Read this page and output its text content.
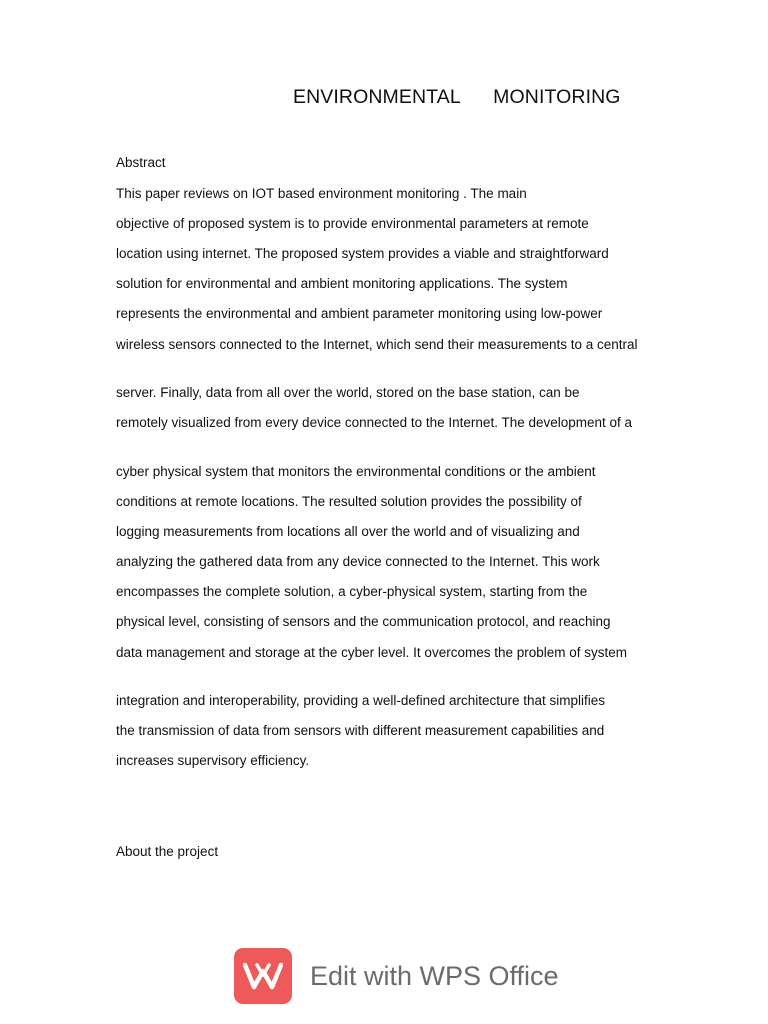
ENVIRONMENTAL      MONITORING
Abstract
This paper reviews on IOT based environment monitoring . The main
objective of proposed system is to provide environmental parameters at remote
location using internet. The proposed system provides a viable and straightforward
solution for environmental and ambient monitoring applications. The system
represents the environmental and ambient parameter monitoring using low-power
wireless sensors connected to the Internet, which send their measurements to a central
server. Finally, data from all over the world, stored on the base station, can be
remotely visualized from every device connected to the Internet. The development of a
cyber physical system that monitors the environmental conditions or the ambient
conditions at remote locations. The resulted solution provides the possibility of
logging measurements from locations all over the world and of visualizing and
analyzing the gathered data from any device connected to the Internet. This work
encompasses the complete solution, a cyber-physical system, starting from the
physical level, consisting of sensors and the communication protocol, and reaching
data management and storage at the cyber level. It overcomes the problem of system
integration and interoperability, providing a well-defined architecture that simplifies
the transmission of data from sensors with different measurement capabilities and
increases supervisory efficiency.
About the project
Edit with WPS Office
